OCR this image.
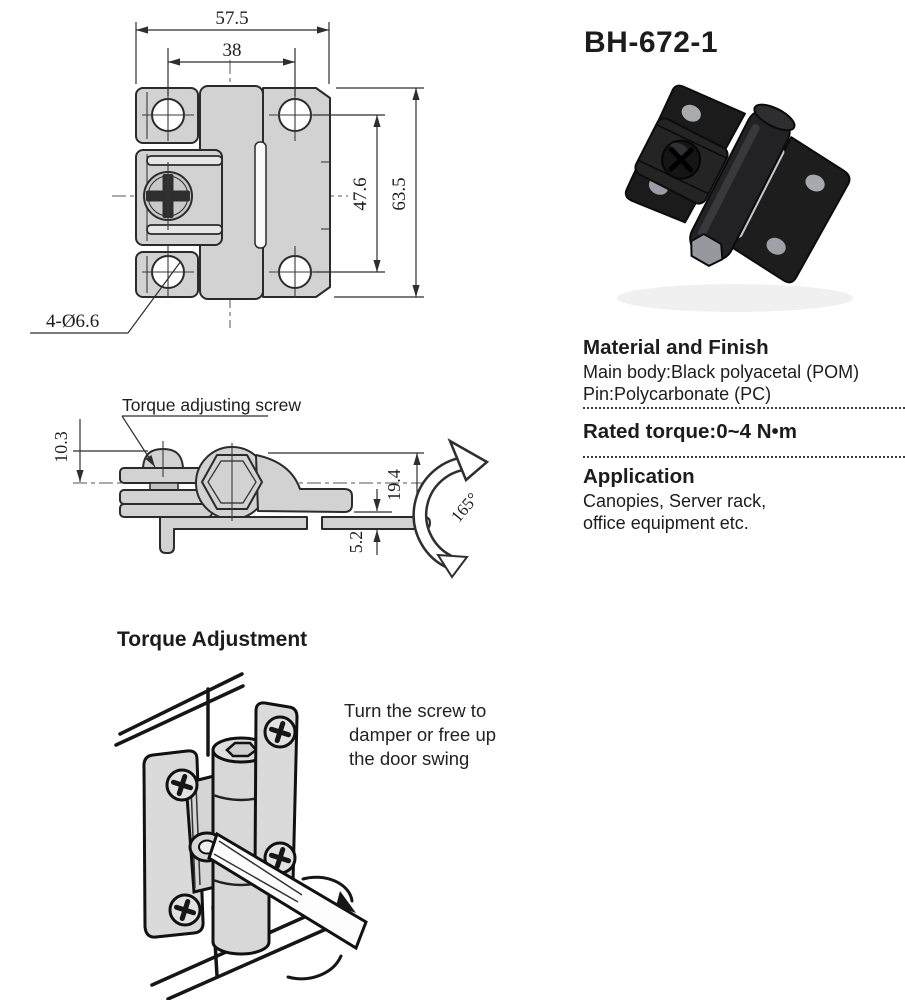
57.5
38
47.6 63.5
4-Ø6.6
Torque adjusting screw
10.3
19.4
5.2
165°
BH-672-1
Material and Finish
Main body:Black polyacetal (POM)
Pin:Polycarbonate (PC)
Rated torque:0~4 N•m
Application
Canopies, Server rack,
office equipment etc.
Torque Adjustment
Turn the screw to
damper or free up
the door swing
